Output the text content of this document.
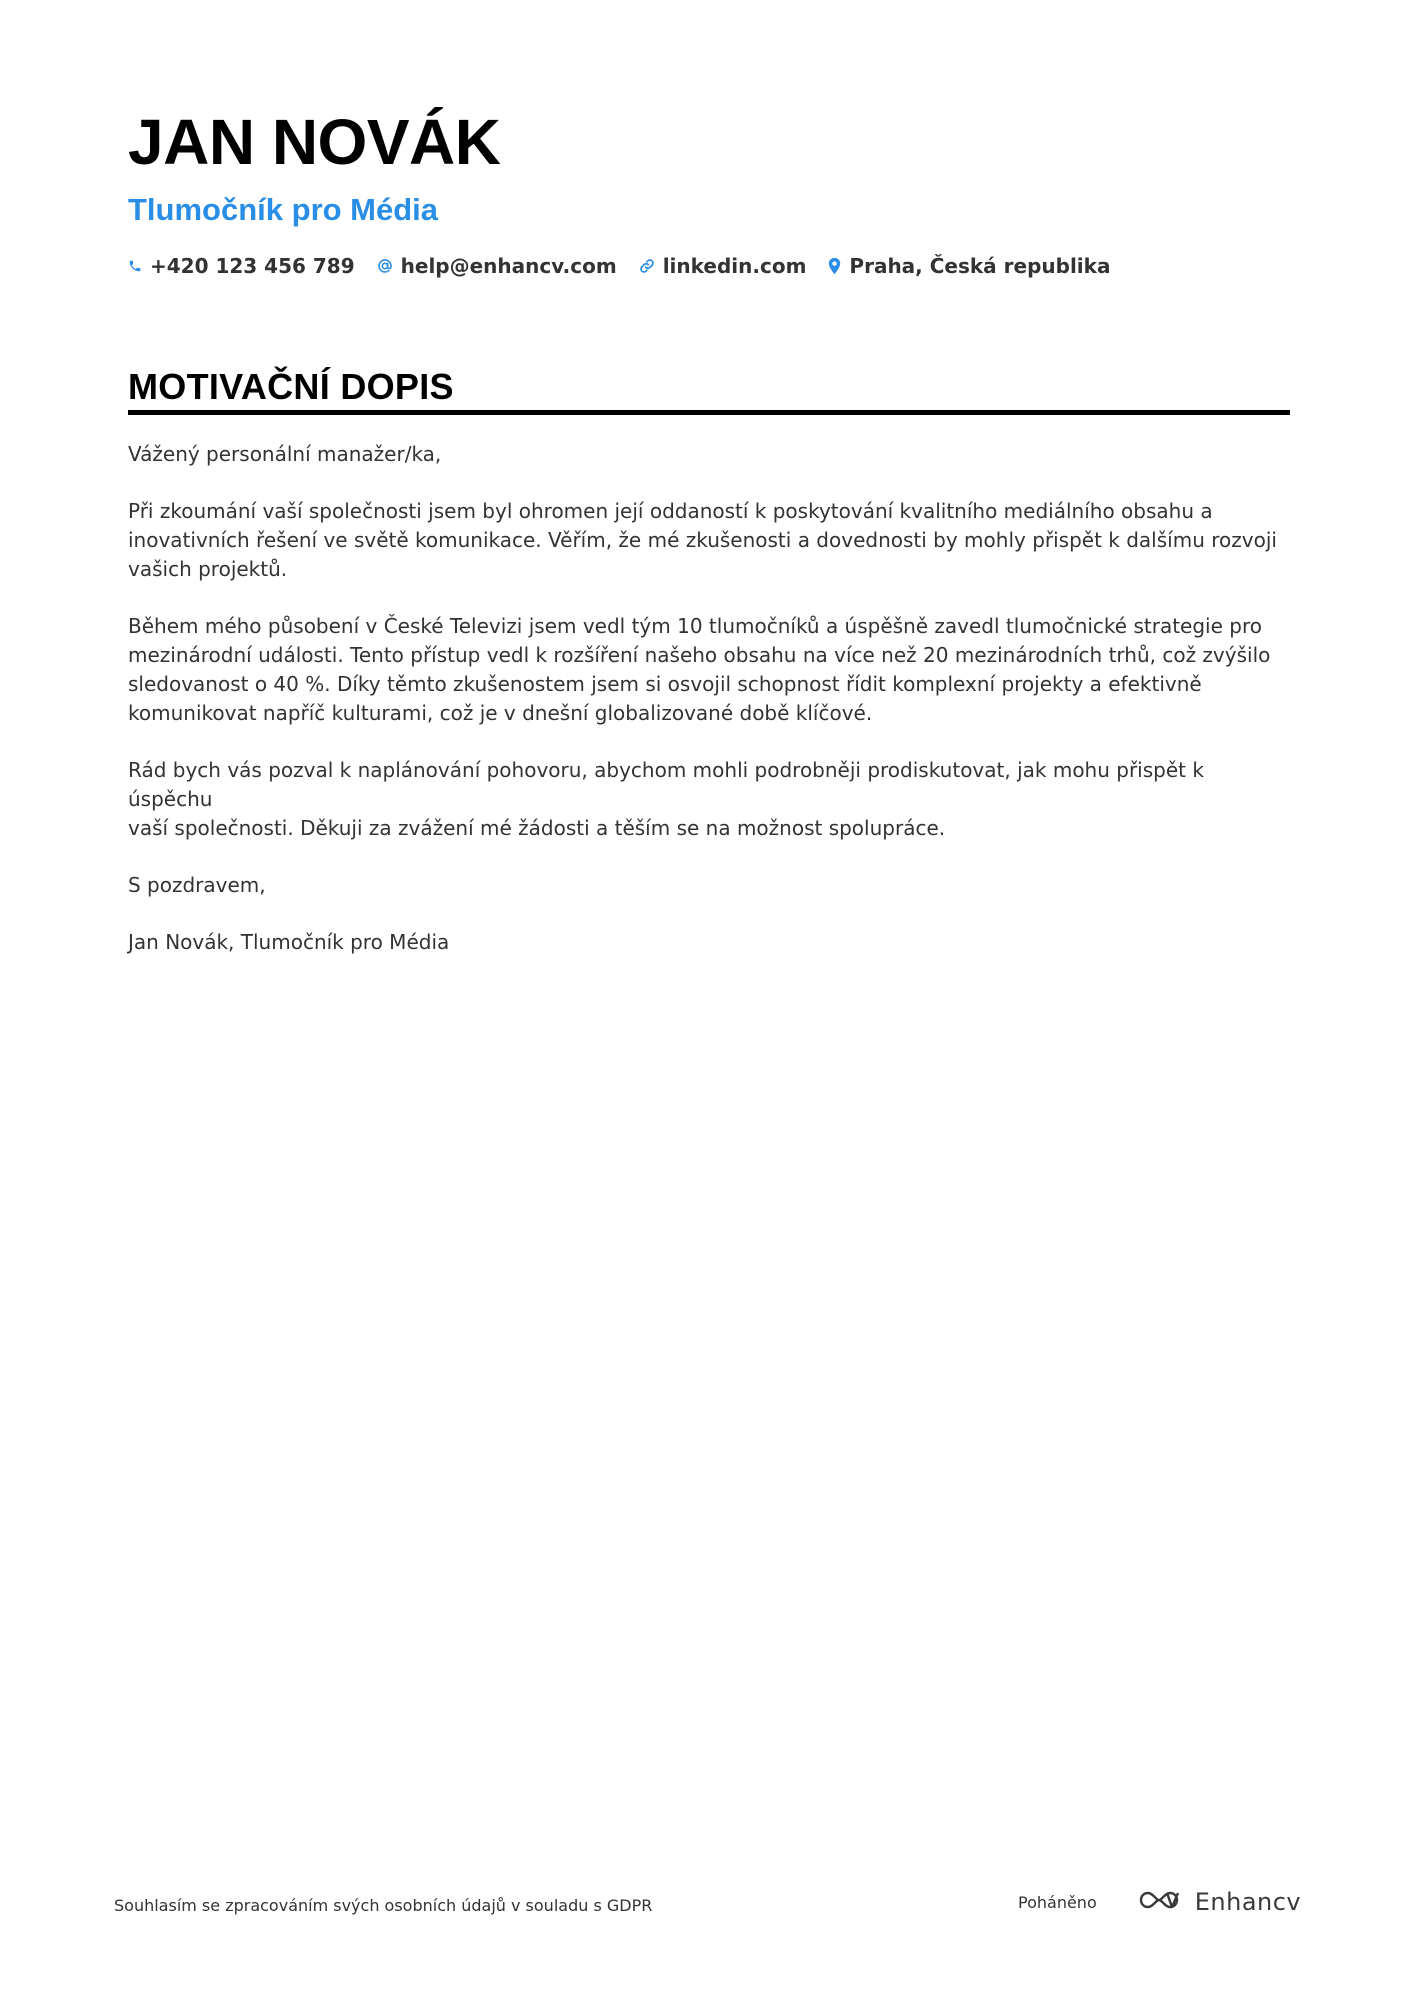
JAN NOVÁK
Tlumočník pro Média
+420 123 456 789 help@enhancv.com linkedin.com Praha, Česká republika
MOTIVAČNÍ DOPIS

Vážený personální manažer/ka,

Při zkoumání vaší společnosti jsem byl ohromen její oddaností k poskytování kvalitního mediálního obsahu a
inovativních řešení ve světě komunikace. Věřím, že mé zkušenosti a dovednosti by mohly přispět k dalšímu rozvoji
vašich projektů.

Během mého působení v České Televizi jsem vedl tým 10 tlumočníků a úspěšně zavedl tlumočnické strategie pro
mezinárodní události. Tento přístup vedl k rozšíření našeho obsahu na více než 20 mezinárodních trhů, což zvýšilo
sledovanost o 40 %. Díky těmto zkušenostem jsem si osvojil schopnost řídit komplexní projekty a efektivně
komunikovat napříč kulturami, což je v dnešní globalizované době klíčové.

Rád bych vás pozval k naplánování pohovoru, abychom mohli podrobněji prodiskutovat, jak mohu přispět k úspěchu
vaší společnosti. Děkuji za zvážení mé žádosti a těším se na možnost spolupráce.

S pozdravem,

Jan Novák, Tlumočník pro Média

Souhlasím se zpracováním svých osobních údajů v souladu s GDPR	Poháněno	Enhancv
